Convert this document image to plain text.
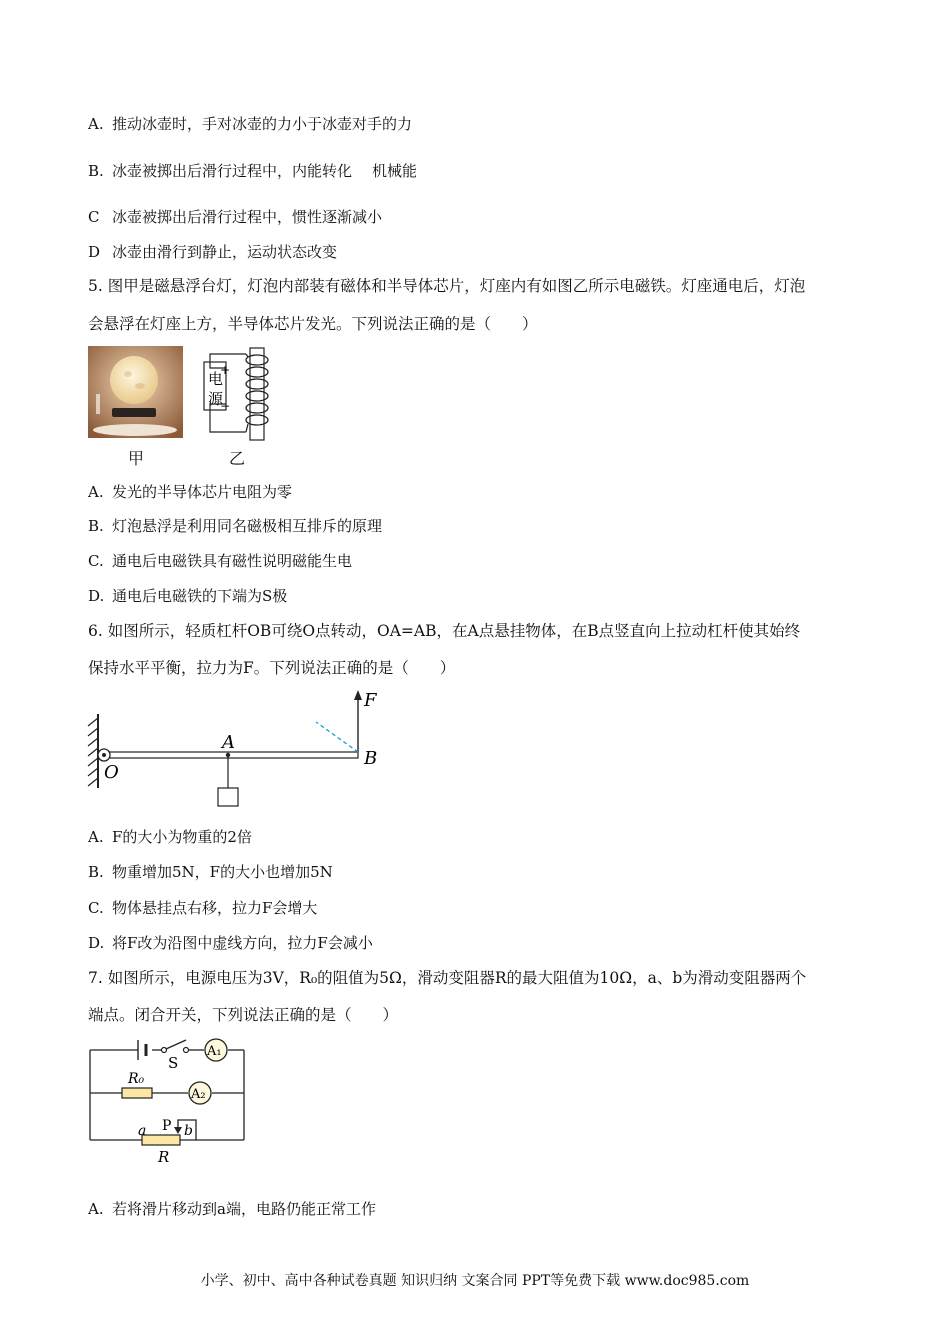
A. 推动冰壶时，手对冰壶的力小于冰壶对手的力
B. 冰壶被掷出后滑行过程中，内能转化 机械能
C 冰壶被掷出后滑行过程中，惯性逐渐减小
D 冰壶由滑行到静止，运动状态改变
5. 图甲是磁悬浮台灯，灯泡内部装有磁体和半导体芯片，灯座内有如图乙所示电磁铁。灯座通电后，灯泡
会悬浮在灯座上方，半导体芯片发光。下列说法正确的是（　　）
甲
电
源
+
−
乙
A. 发光的半导体芯片电阻为零
B. 灯泡悬浮是利用同名磁极相互排斥的原理
C. 通电后电磁铁具有磁性说明磁能生电
D. 通电后电磁铁的下端为S极
6. 如图所示，轻质杠杆OB可绕O点转动，OA=AB，在A点悬挂物体，在B点竖直向上拉动杠杆使其始终
保持水平平衡，拉力为F。下列说法正确的是（　　）
F
A
B
O
A. F的大小为物重的2倍
B. 物重增加5N，F的大小也增加5N
C. 物体悬挂点右移，拉力F会增大
D. 将F改为沿图中虚线方向，拉力F会减小
7. 如图所示，电源电压为3V，R₀的阻值为5Ω，滑动变阻器R的最大阻值为10Ω，a、b为滑动变阻器两个
端点。闭合开关，下列说法正确的是（　　）
S
A₁
R₀
A₂
P
a	b
R
A. 若将滑片移动到a端，电路仍能正常工作
小学、初中、高中各种试卷真题 知识归纳 文案合同 PPT等免费下载 www.doc985.com
